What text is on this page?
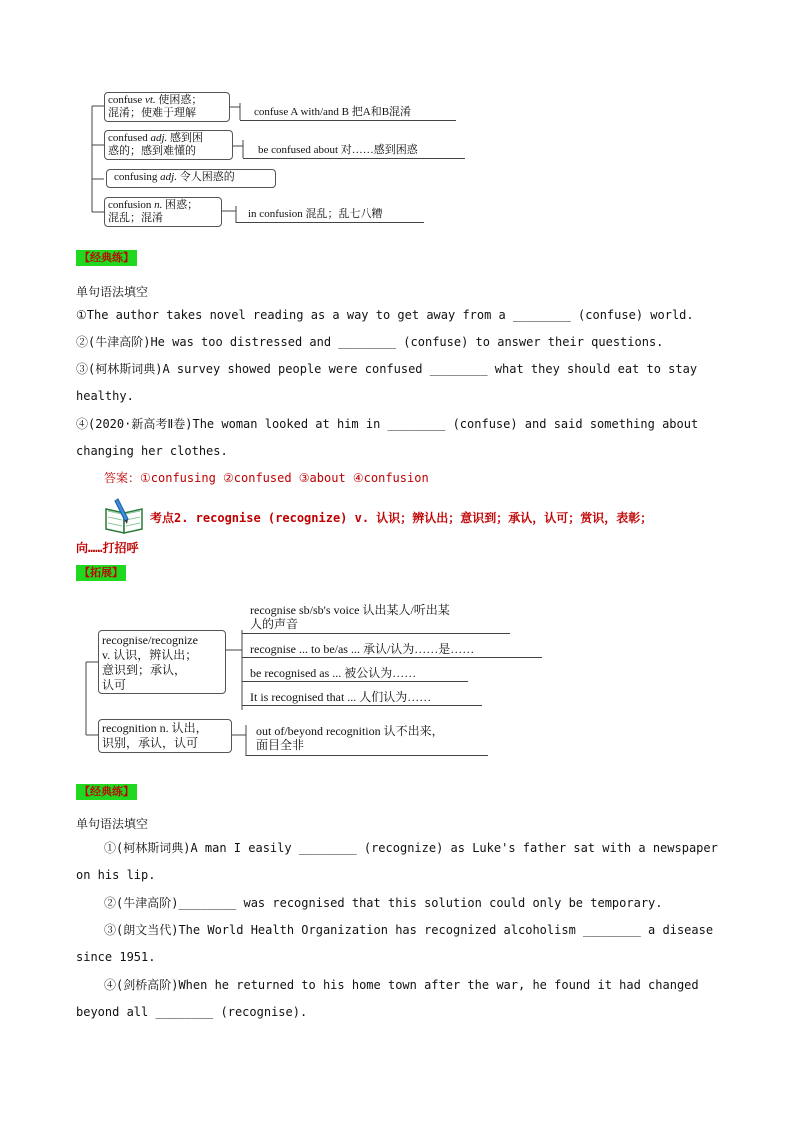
confuse vt. 使困惑；
混淆；使难于理解	confuse A with/and B 把A和B混淆
confused adj. 感到困
惑的；感到难懂的	be confused about 对……感到困惑
confusing adj. 令人困惑的
confusion n. 困惑；
混乱；混淆	in confusion 混乱；乱七八糟
【经典练】
单句语法填空
①The author takes novel reading as a way to get away from a ________ (confuse) world.
②(牛津高阶)He was too distressed and ________ (confuse) to answer their questions.
③(柯林斯词典)A survey showed people were confused ________ what they should eat to stay
healthy.
④(2020·新高考Ⅱ卷)The woman looked at him in ________ (confuse) and said something about
changing her clothes.
答案：①confusing ②confused ③about ④confusion
考点2. recognise (recognize) v. 认识；辨认出；意识到；承认，认可；赏识，表彰；
向……打招呼
【拓展】
recognise/recognize
v. 认识，辨认出；
意识到；承认，
认可
recognise sb/sb's voice 认出某人/听出某
人的声音
recognise ... to be/as ... 承认/认为……是……
be recognised as ... 被公认为……
It is recognised that ... 人们认为……
recognition n. 认出，
识别，承认，认可
out of/beyond recognition 认不出来，
面目全非
【经典练】
单句语法填空
①(柯林斯词典)A man I easily ________ (recognize) as Luke's father sat with a newspaper
on his lip.
②(牛津高阶)________ was recognised that this solution could only be temporary.
③(朗文当代)The World Health Organization has recognized alcoholism ________ a disease
since 1951.
④(剑桥高阶)When he returned to his home town after the war, he found it had changed
beyond all ________ (recognise).
